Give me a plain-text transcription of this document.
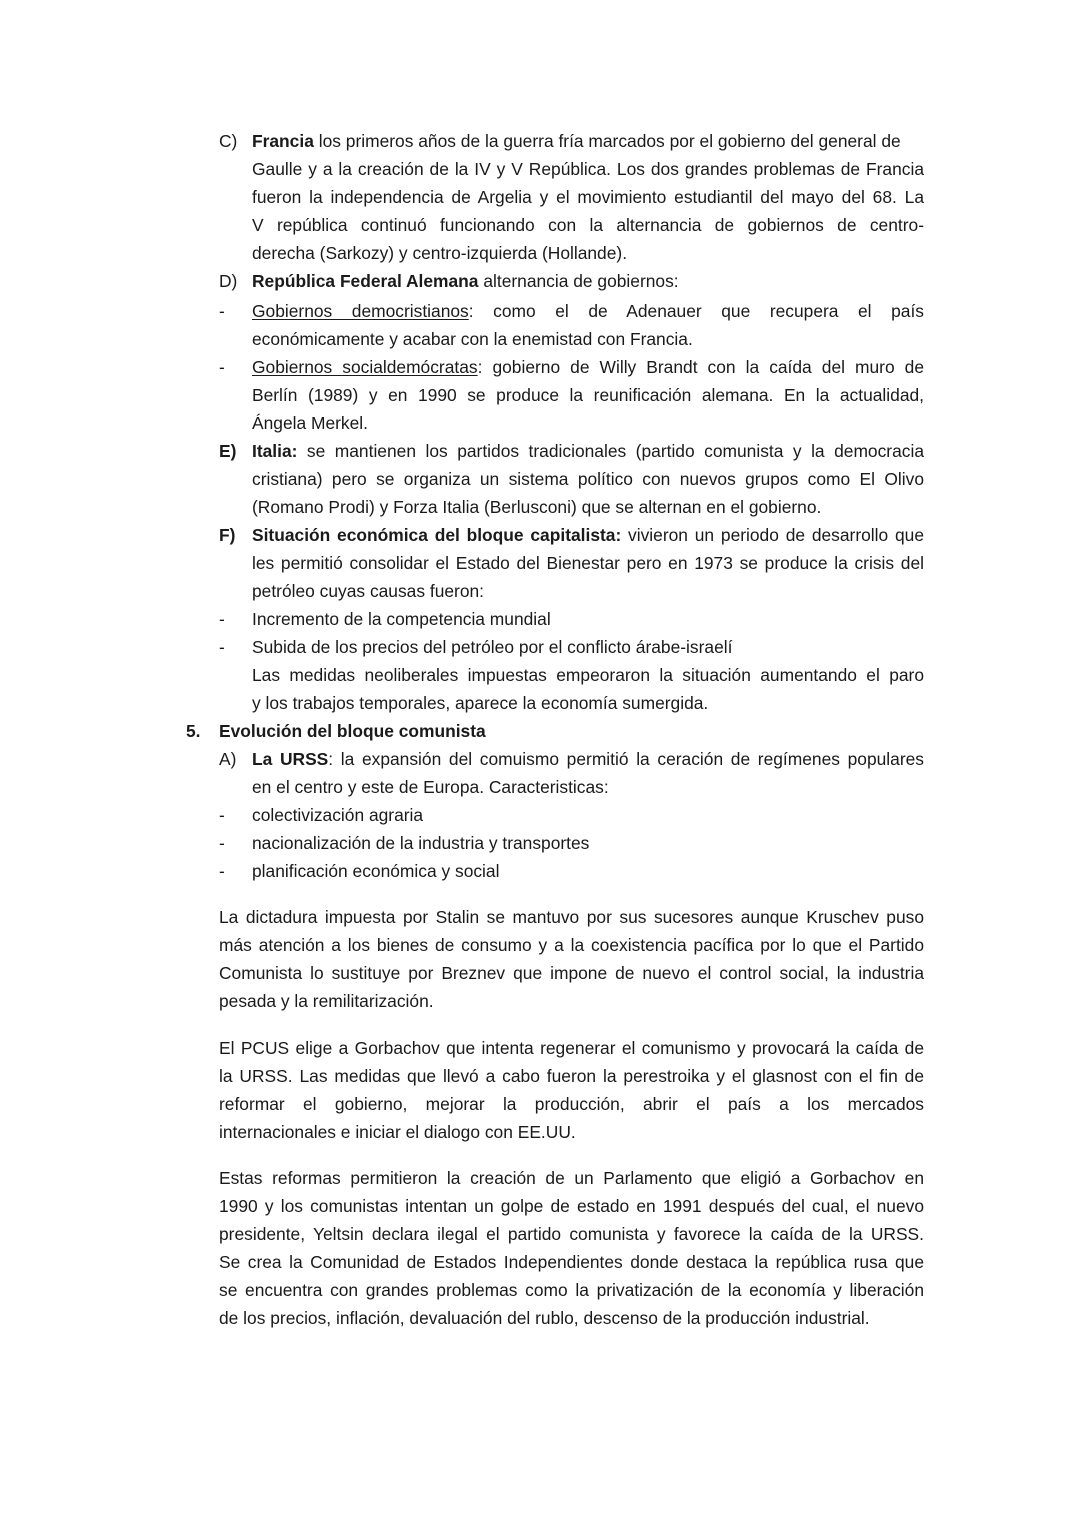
C) Francia los primeros años de la guerra fría marcados por el gobierno del general de

Gaulle y a la creación de la IV y V República. Los dos grandes problemas de Francia

fueron la independencia de Argelia y el movimiento estudiantil del mayo del 68. La

V república continuó funcionando con la alternancia de gobiernos de centro-

derecha (Sarkozy) y centro-izquierda (Hollande).

D) República Federal Alemana alternancia de gobiernos:

- Gobiernos democristianos: como el de Adenauer que recupera el país

económicamente y acabar con la enemistad con Francia.

- Gobiernos socialdemócratas: gobierno de Willy Brandt con la caída del muro de

Berlín (1989) y en 1990 se produce la reunificación alemana. En la actualidad,

Ángela Merkel.

E) Italia: se mantienen los partidos tradicionales (partido comunista y la democracia

cristiana) pero se organiza un sistema político con nuevos grupos como El Olivo

(Romano Prodi) y Forza Italia (Berlusconi) que se alternan en el gobierno.

F) Situación económica del bloque capitalista: vivieron un periodo de desarrollo que

les permitió consolidar el Estado del Bienestar pero en 1973 se produce la crisis del

petróleo cuyas causas fueron:

- Incremento de la competencia mundial

- Subida de los precios del petróleo por el conflicto árabe-israelí

Las medidas neoliberales impuestas empeoraron la situación aumentando el paro

y los trabajos temporales, aparece la economía sumergida.

5. Evolución del bloque comunista

A) La URSS: la expansión del comuismo permitió la ceración de regímenes populares

en el centro y este de Europa. Caracteristicas:

- colectivización agraria

- nacionalización de la industria y transportes

- planificación económica y social

La dictadura impuesta por Stalin se mantuvo por sus sucesores aunque Kruschev puso

más atención a los bienes de consumo y a la coexistencia pacífica por lo que el Partido

Comunista lo sustituye por Breznev que impone de nuevo el control social, la industria

pesada y la remilitarización.

El PCUS elige a Gorbachov que intenta regenerar el comunismo y provocará la caída de

la URSS. Las medidas que llevó a cabo fueron la perestroika y el glasnost con el fin de

reformar el gobierno, mejorar la producción, abrir el país a los mercados

internacionales e iniciar el dialogo con EE.UU.

Estas reformas permitieron la creación de un Parlamento que eligió a Gorbachov en

1990 y los comunistas intentan un golpe de estado en 1991 después del cual, el nuevo

presidente, Yeltsin declara ilegal el partido comunista y favorece la caída de la URSS.

Se crea la Comunidad de Estados Independientes donde destaca la república rusa que

se encuentra con grandes problemas como la privatización de la economía y liberación

de los precios, inflación, devaluación del rublo, descenso de la producción industrial.
